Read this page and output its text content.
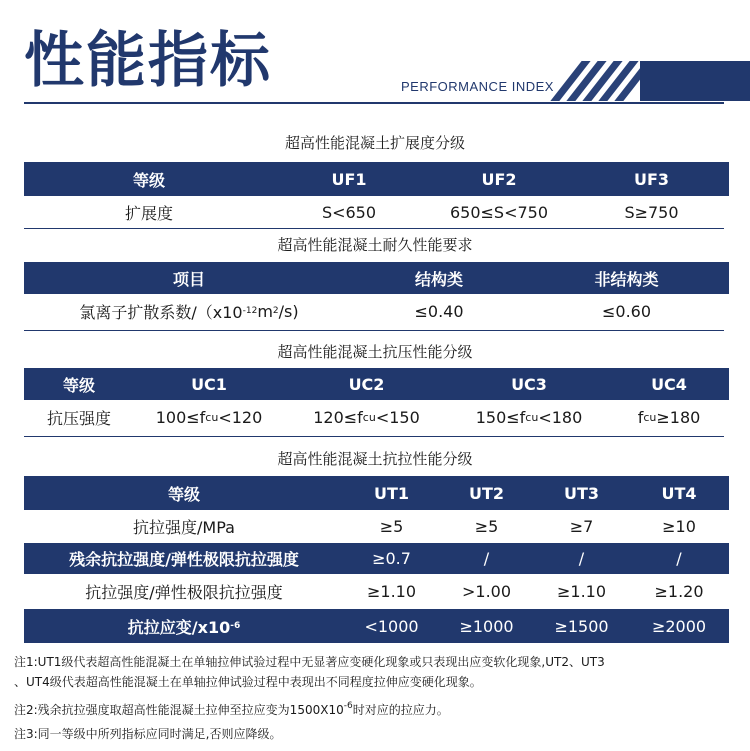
性能指标	PERFORMANCE INDEX
超高性能混凝土扩展度分级
等级	UF1	UF2	UF3
扩展度	S<650	650≤S<750	S≥750
超高性能混凝土耐久性能要求
项目	结构类	非结构类
氯离子扩散系数/（x10 -12 m 2 /s)	≤0.40	≤0.60
超高性能混凝土抗压性能分级
等级	UC1	UC2	UC3	UC4
抗压强度	100≤ f cu <120	120≤ f cu <150	150≤ f cu <180	f cu ≥180
超高性能混凝土抗拉性能分级
等级	UT1	UT2	UT3	UT4
抗拉强度/MPa	≥5	≥5	≥7	≥10
残余抗拉强度/弹性极限抗拉强度	≥0.7	/	/	/
抗拉强度/弹性极限抗拉强度	≥1.10	>1.00	≥1.10	≥1.20
抗拉应变/x10 -6	<1000	≥1000	≥1500	≥2000
注1:UT1级代表超高性能混凝土在单轴拉伸试验过程中无显著应变硬化现象或只表现出应变软化现象,UT2、UT3
、UT4级代表超高性能混凝土在单轴拉伸试验过程中表现出不同程度拉伸应变硬化现象。
注2:残余抗拉强度取超高性能混凝土拉伸至拉应变为$1500X10^{-6}$时对应的拉应力。
注3:同一等级中所列指标应同时满足,否则应降级。
